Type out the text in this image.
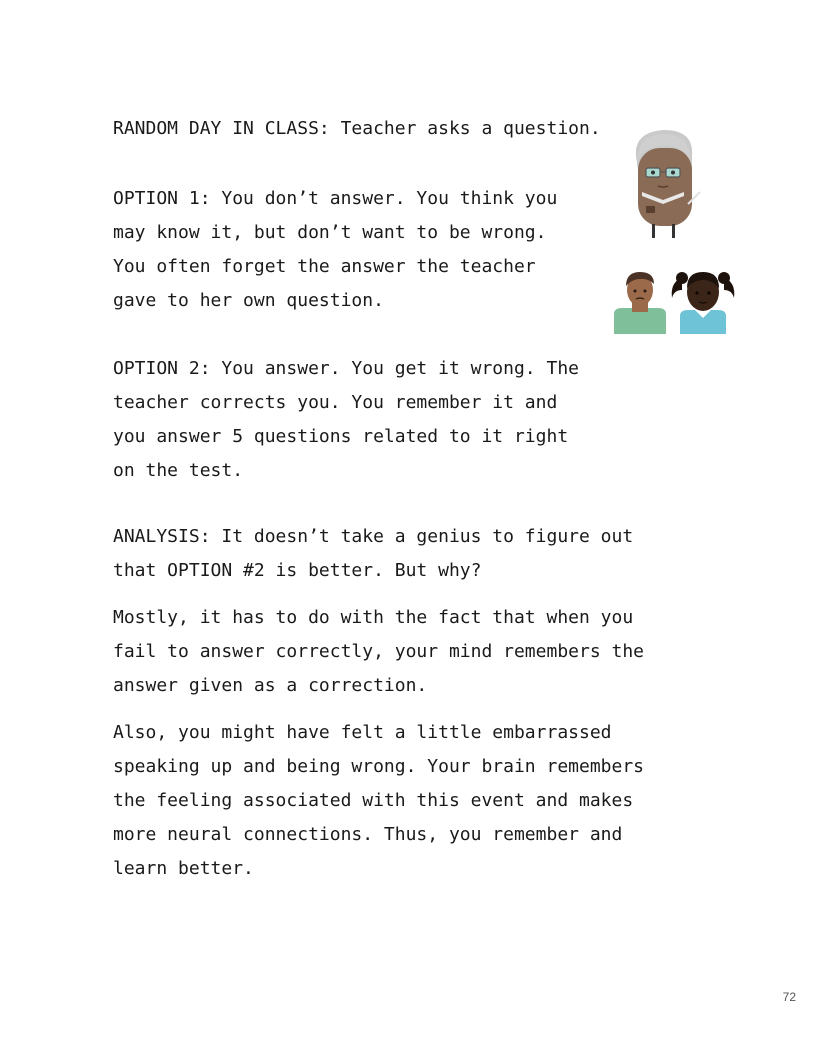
RANDOM DAY IN CLASS: Teacher asks a question.

OPTION 1: You don’t answer. You think you
may know it, but don’t want to be wrong.
You often forget the answer the teacher
gave to her own question.

OPTION 2: You answer. You get it wrong. The
teacher corrects you. You remember it and
you answer 5 questions related to it right
on the test.

ANALYSIS: It doesn’t take a genius to figure out
that OPTION #2 is better. But why?

Mostly, it has to do with the fact that when you
fail to answer correctly, your mind remembers the
answer given as a correction.

Also, you might have felt a little embarrassed
speaking up and being wrong. Your brain remembers
the feeling associated with this event and makes
more neural connections. Thus, you remember and
learn better.

72
